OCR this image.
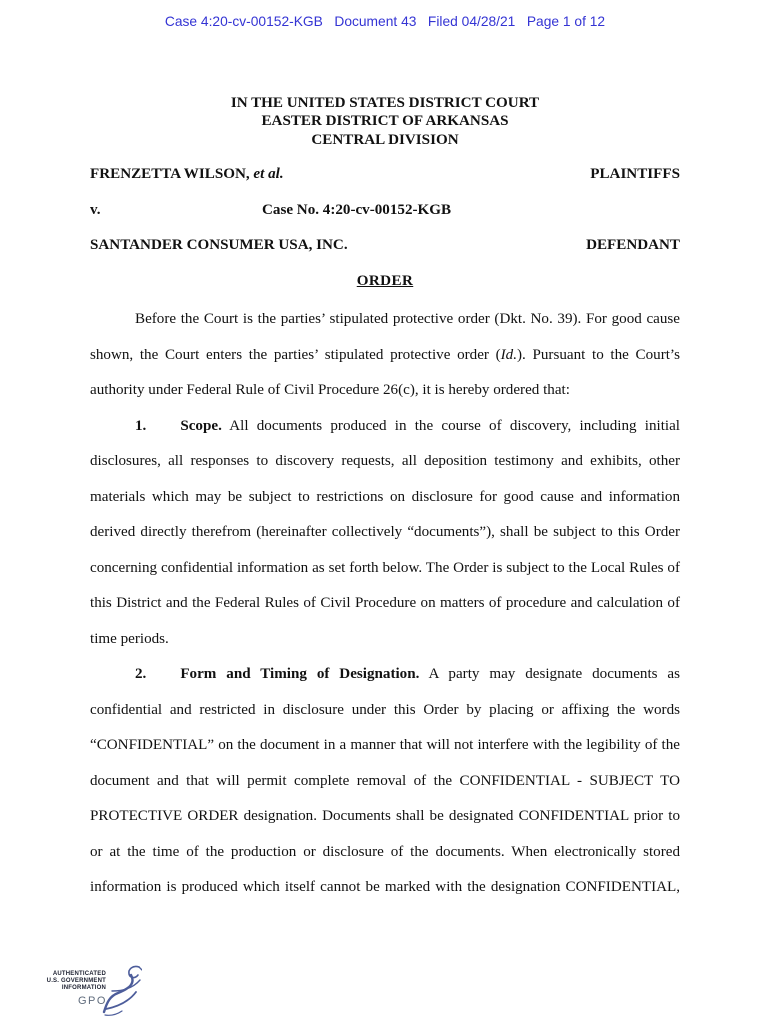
Case 4:20-cv-00152-KGB   Document 43   Filed 04/28/21   Page 1 of 12
IN THE UNITED STATES DISTRICT COURT
EASTER DISTRICT OF ARKANSAS
CENTRAL DIVISION
FRENZETTA WILSON, et al.	PLAINTIFFS
v.	Case No. 4:20-cv-00152-KGB
SANTANDER CONSUMER USA, INC.	DEFENDANT
ORDER
Before the Court is the parties’ stipulated protective order (Dkt. No. 39). For good cause shown, the Court enters the parties’ stipulated protective order (Id.). Pursuant to the Court’s authority under Federal Rule of Civil Procedure 26(c), it is hereby ordered that:
1. Scope. All documents produced in the course of discovery, including initial disclosures, all responses to discovery requests, all deposition testimony and exhibits, other materials which may be subject to restrictions on disclosure for good cause and information derived directly therefrom (hereinafter collectively “documents”), shall be subject to this Order concerning confidential information as set forth below. The Order is subject to the Local Rules of this District and the Federal Rules of Civil Procedure on matters of procedure and calculation of time periods.
2. Form and Timing of Designation. A party may designate documents as confidential and restricted in disclosure under this Order by placing or affixing the words “CONFIDENTIAL” on the document in a manner that will not interfere with the legibility of the document and that will permit complete removal of the CONFIDENTIAL - SUBJECT TO PROTECTIVE ORDER designation. Documents shall be designated CONFIDENTIAL prior to or at the time of the production or disclosure of the documents. When electronically stored information is produced which itself cannot be marked with the designation CONFIDENTIAL,
AUTHENTICATED
U.S. GOVERNMENT
INFORMATION
GPO
